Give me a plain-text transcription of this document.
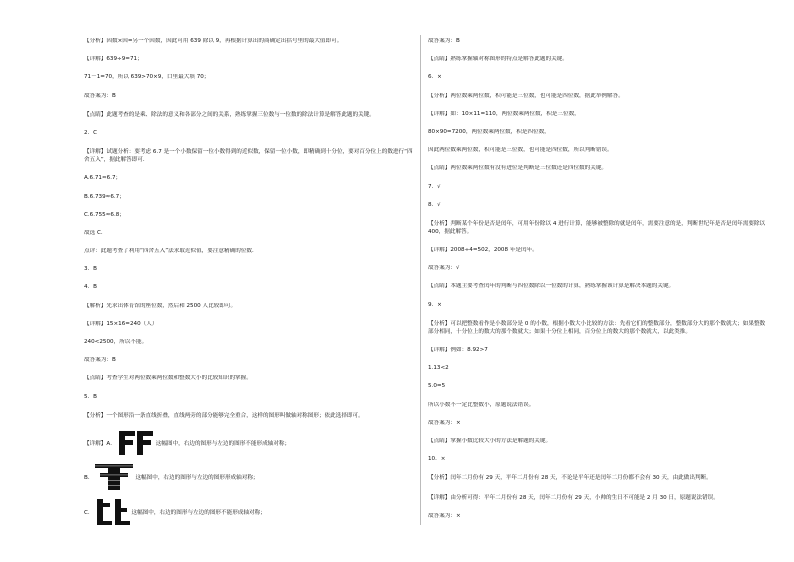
【分析】因数×因=另一个因数，因此可用 639 除以 9，再根据计算出的商确定出括号里的最大值即可。
【详解】639÷9=71；
71－1=70，所以 639>70×9，口里最大填 70；
故答案为：B
【点睛】此题考查的是乘、除法的意义和各部分之间的关系，熟练掌握三位数与一位数的除法计算是解答此题的关键。
2．C
【详解】试题分析：要考虑 6.7 是一个小数保留一位小数得到的近似数，保留一位小数，即精确到十分位，要对百分位上的数进行“四舍五入”，据此解答即可．
A.6.71≈6.7；
B.6.739≈6.7；
C.6.755≈6.8；
故选 C．
点评：此题考查了利用“四舍五入”法求取近似值，要注意精确的位数．
3．B
4．B
【解析】先求出体育馆的座位数，然后和 2500 人比较即可。
【详解】15×16=240（人）
240<2500，所以不能。
故答案为：B
【点睛】考查学生对两位数乘两位数和整数大小的比较知识的掌握。
5．B
【分析】一个图形沿一条直线折叠，直线两旁的部分能够完全重合，这样的图形叫做轴对称图形；依此选择即可。
【详解】A．	这幅图中，右边的图形与左边的图形不能形成轴对称；
B．	这幅图中，右边的图形与左边的图形形成轴对称；
C．	这幅图中，右边的图形与左边的图形不能形成轴对称；
故答案为：B
【点睛】熟练掌握轴对称图形的特点是解答此题的关键。
6．×
【分析】两位数乘两位数，积可能是三位数，也可能是四位数，据此举例解答。
【详解】如：10×11=110，两位数乘两位数，积是三位数，
80×90=7200，两位数乘两位数，积是四位数，
因此两位数乘两位数，积可能是三位数，也可能是四位数，所以判断错误。
【点睛】两位数乘两位数有没有进位是判断是三位数还是四位数的关键。
7．√
8．√
【分析】判断某个年份是否是闰年，可用年份除以 4 进行计算，能够被整除的就是闰年，需要注意的是，判断世纪年是否是闰年需要除以 400，据此解答。
【详解】2008÷4=502，2008 年是闰年。
故答案为：√
【点睛】本题主要考查闰年的判断与四位数除以一位数的计算，熟练掌握该计算是解决本题的关键。
9．×
【分析】可以把整数看作是小数部分是 0 的小数，根据小数大小比较的方法：先看它们的整数部分，整数部分大的那个数就大；如果整数部分相同，十分位上的数大的那个数就大；如果十分位上相同，百分位上的数大的那个数就大，以此类推。
【详解】例如：8.92>7
1.13<2
5.0=5
所以小数不一定比整数小，原题说法错误。
故答案为：×
【点睛】掌握小数比较大小的方法是解题的关键。
10．×
【分析】闰年二月份有 29 天，平年二月份有 28 天，不论是平年还是闰年二月份都不会有 30 天，由此做出判断。
【详解】由分析可得：平年二月份有 28 天，闰年二月份有 29 天，小帅的生日不可能是 2 月 30 日，原题说法错误。
故答案为：×
